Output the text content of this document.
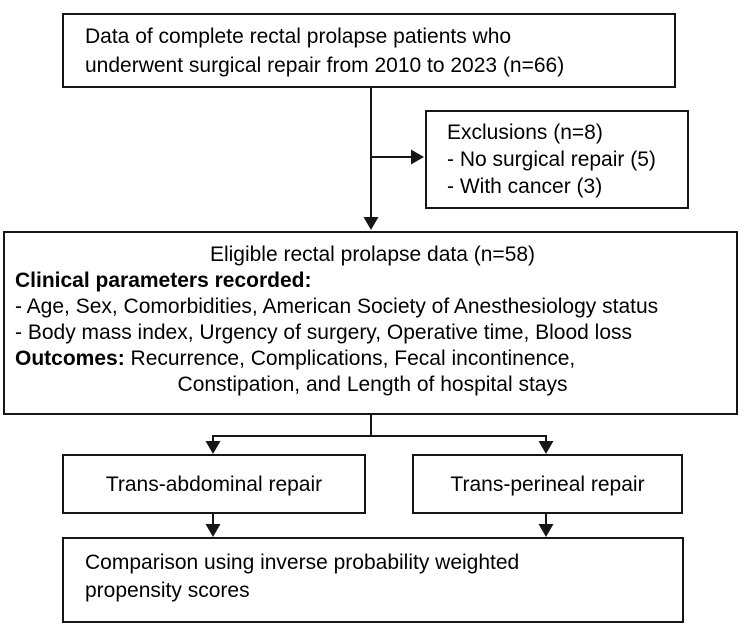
Data of complete rectal prolapse patients who
underwent surgical repair from 2010 to 2023 (n=66)
Exclusions (n=8)
- No surgical repair (5)
- With cancer (3)
Eligible rectal prolapse data (n=58)
Clinical parameters recorded:
- Age, Sex, Comorbidities, American Society of Anesthesiology status
- Body mass index, Urgency of surgery, Operative time, Blood loss
Outcomes: Recurrence, Complications, Fecal incontinence,
Constipation, and Length of hospital stays
Trans-abdominal repair	Trans-perineal repair
Comparison using inverse probability weighted
propensity scores
